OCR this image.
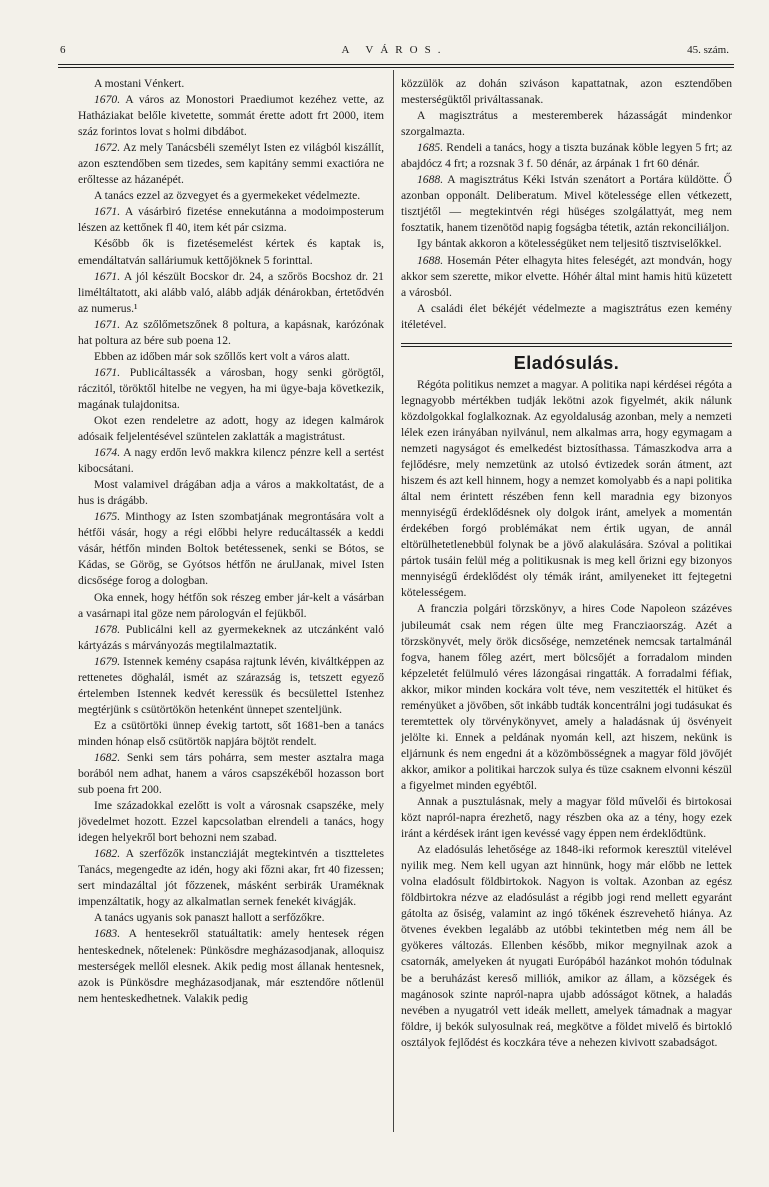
6	A VÁROS.	45. szám.

A mostani Vénkert.

1670. A város az Monostori Praediumot kezéhez vette, az Hatháziakat belőle kivetette, sommát érette adott frt 2000, item száz forintos lovat s holmi dibdábot.

1672. Az mely Tanácsbéli személyt Isten ez világból kiszállít, azon esztendőben sem tizedes, sem kapitány semmi exactióra ne erőltesse az házanépét.

A tanács ezzel az özvegyet és a gyermekeket védelmezte.

1671. A vásárbiró fizetése ennekutánna a modoimposterum lészen az kettőnek fl 40, item két pár csizma.

Később ők is fizetésemelést kértek és kaptak is, emendáltatván salláriumuk kettőjöknek 5 forinttal.

1671. A jól készült Bocskor dr. 24, a szőrös Bocshoz dr. 21 liméltáltatott, aki alább való, alább adják dénárokban, értetődvén az numerus.¹

1671. Az szőlőmetszőnek 8 poltura, a kapásnak, karózónak hat poltura az bére sub poena 12.

Ebben az időben már sok szőllős kert volt a város alatt.

1671. Publicáltassék a városban, hogy senki görögtől, ráczitól, töröktől hitelbe ne vegyen, ha mi ügye-baja következik, magának tulajdonitsa.

Okot ezen rendeletre az adott, hogy az idegen kalmárok adósaik feljelentésével szüntelen zaklatták a magistrátust.

1674. A nagy erdőn levő makkra kilencz pénzre kell a sertést kibocsátani.

Most valamivel drágában adja a város a makkoltatást, de a hus is drágább.

1675. Minthogy az Isten szombatjának megrontására volt a hétfői vásár, hogy a régi előbbi helyre reducáltassék a keddi vásár, hétfőn minden Boltok betétessenek, senki se Bótos, se Kádas, se Görög, se Gyótsos hétfőn ne árulJanak, mivel Isten dicsősége forog a dologban.

Oka ennek, hogy hétfőn sok részeg ember jár-kelt a vásárban a vasárnapi ital göze nem párologván el fejükből.

1678. Publicálni kell az gyermekeknek az utczánként való kártyázás s márványozás megtilalmaztatik.

1679. Istennek kemény csapása rajtunk lévén, kiváltképpen az rettenetes döghalál, ismét az szárazság is, tetszett egyező értelemben Istennek kedvét keressük és becsülettel Istenhez megtérjünk s csütörtökön hetenként ünnepet szenteljünk.

Ez a csütörtöki ünnep évekig tartott, sőt 1681-ben a tanács minden hónap első csütörtök napjára böjtöt rendelt.

1682. Senki sem társ pohárra, sem mester asztalra maga borából nem adhat, hanem a város csapszékéből hozasson bort sub poena frt 200.

Ime századokkal ezelőtt is volt a városnak csapszéke, mely jövedelmet hozott. Ezzel kapcsolatban elrendeli a tanács, hogy idegen helyekről bort behozni nem szabad.

1682. A szerfőzők instancziáját megtekintvén a tisztteletes Tanács, megengedte az idén, hogy aki főzni akar, frt 40 fizessen; sert mindazáltal jót főzzenek, másként serbirák Uraméknak impenzáltatik, hogy az alkalmatlan sernek fenekét kivágják.

A tanács ugyanis sok panaszt hallott a serfőzőkre.

1683. A hentesekről statuáltatik: amely hentesek régen henteskednek, nőtelenek: Pünkösdre megházasodjanak, alloquisz mesterségek mellől elesnek. Akik pedig most állanak hentesnek, azok is Pünkösdre megházasodjanak, már esztendőre nőtlenül nem henteskedhetnek. Valakik pedig

közzülök az dohán sziváson kapattatnak, azon esztendőben mesterségüktől priváltassanak.

A magisztrátus a mesteremberek házasságát mindenkor szorgalmazta.

1685. Rendeli a tanács, hogy a tiszta buzának köble legyen 5 frt; az abajdócz 4 frt; a rozsnak 3 f. 50 dénár, az árpának 1 frt 60 dénár.

1688. A magisztrátus Kéki István szenátort a Portára küldötte. Ő azonban opponált. Deliberatum. Mivel kötelessége ellen vétkezett, tisztjétől — megtekintvén régi hüséges szolgálattyát, meg nem fosztatik, hanem tizenötöd napig fogságba tétetik, aztán rekonciliáljon.

Igy bántak akkoron a kötelességüket nem teljesitő tisztviselőkkel.

1688. Hosemán Péter elhagyta hites feleségét, azt mondván, hogy akkor sem szerette, mikor elvette. Hóhér által mint hamis hitü küzetett a városból.

A családi élet békéjét védelmezte a magisztrátus ezen kemény itéletével.

Eladósulás.

Régóta politikus nemzet a magyar. A politika napi kérdései régóta a legnagyobb mértékben tudják lekötni azok figyelmét, akik nálunk közdolgokkal foglalkoznak. Az egyoldaluság azonban, mely a nemzeti lélek ezen irányában nyilvánul, nem alkalmas arra, hogy egymagam a nemzeti nagyságot és emelkedést biztosíthassa. Támaszkodva arra a fejlődésre, mely nemzetünk az utolsó évtizedek során átment, azt hiszem és azt kell hinnem, hogy a nemzet komolyabb és a napi politika által nem érintett részében fenn kell maradnia egy bizonyos mennyiségű érdeklődésnek oly dolgok iránt, amelyek a momentán érdekében forgó problémákat nem értik ugyan, de annál eltörülhetetlenebbül folynak be a jövő alakulására. Szóval a politikai pártok tusáin felül még a politikusnak is meg kell őrizni egy bizonyos mennyiségű érdeklődést oly témák iránt, amilyeneket itt fejtegetni kötelességem.

A franczia polgári törzskönyv, a hires Code Napoleon százéves jubileumát csak nem régen ülte meg Francziaország. Azét a törzskönyvét, mely örök dicsősége, nemzetének nemcsak tartalmánál fogva, hanem főleg azért, mert bölcsőjét a forradalom minden képzeletét felülmuló véres lázongásai ringatták. A forradalmi féfiak, akkor, mikor minden kockára volt téve, nem veszitették el hitüket és reményüket a jövőben, sőt inkább tudták koncentrálni jogi tudásukat és teremtettek oly törvénykönyvet, amely a haladásnak új ösvényeit jelölte ki. Ennek a peldának nyomán kell, azt hiszem, nekünk is eljárnunk és nem engedni át a közömbösségnek a magyar föld jövőjét akkor, amikor a politikai harczok sulya és tüze csaknem elvonni készül a figyelmet minden egyébtől.

Annak a pusztulásnak, mely a magyar föld művelői és birtokosai közt napról-napra érezhető, nagy részben oka az a tény, hogy ezek iránt a kérdések iránt igen kevéssé vagy éppen nem érdeklődtünk.

Az eladósulás lehetősége az 1848-iki reformok keresztül vitelével nyilik meg. Nem kell ugyan azt hinnünk, hogy már előbb ne lettek volna eladósult földbirtokok. Nagyon is voltak. Azonban az egész földbirtokra nézve az eladósulást a régibb jogi rend mellett egyaránt gátolta az ősiség, valamint az ingó tőkének észrevehető hiánya. Az ötvenes években legalább az utóbbi tekintetben még nem áll be gyökeres változás. Ellenben később, mikor megnyilnak azok a csatornák, amelyeken át nyugati Európából hazánkot mohón tódulnak be a beruházást kereső milliók, amikor az állam, a községek és magánosok szinte napról-napra ujabb adósságot kötnek, a haladás nevében a nyugatról vett ideák mellett, amelyek támadnak a magyar földre, ij bekók sulyosulnak reá, megkötve a földet mivelő és birtokló osztályok fejlődést és koczkára téve a nehezen kivivott szabadságot.
